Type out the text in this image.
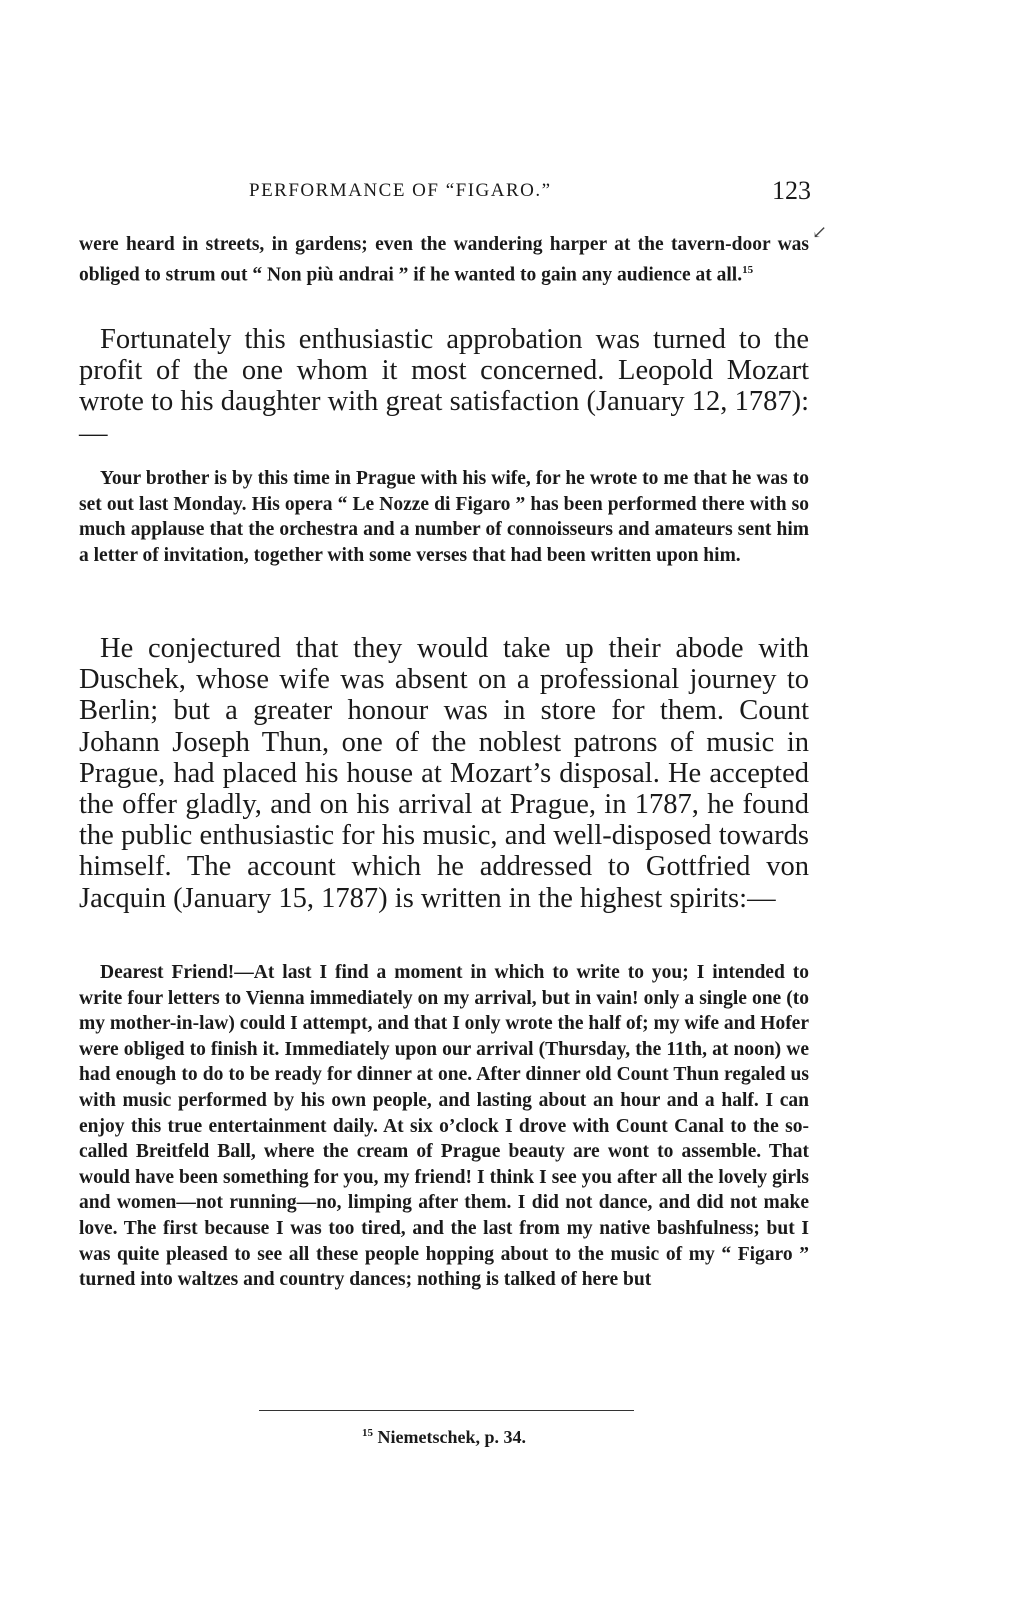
PERFORMANCE OF “FIGARO.”	123

were heard in streets, in gardens; even the wandering harper at the tavern-door was obliged to strum out “ Non più andrai ” if he wanted to gain any audience at all.$^{15}$

Fortunately this enthusiastic approbation was turned to the profit of the one whom it most concerned. Leopold Mozart wrote to his daughter with great satisfaction (January 12, 1787):—

Your brother is by this time in Prague with his wife, for he wrote to me that he was to set out last Monday. His opera “ Le Nozze di Figaro ” has been performed there with so much applause that the orchestra and a number of connoisseurs and amateurs sent him a letter of invitation, together with some verses that had been written upon him.

He conjectured that they would take up their abode with Duschek, whose wife was absent on a professional journey to Berlin; but a greater honour was in store for them. Count Johann Joseph Thun, one of the noblest patrons of music in Prague, had placed his house at Mozart’s disposal. He accepted the offer gladly, and on his arrival at Prague, in 1787, he found the public enthusiastic for his music, and well-disposed towards himself. The account which he addressed to Gottfried von Jacquin (January 15, 1787) is written in the highest spirits:—

Dearest Friend!—At last I find a moment in which to write to you; I intended to write four letters to Vienna immediately on my arrival, but in vain! only a single one (to my mother-in-law) could I attempt, and that I only wrote the half of; my wife and Hofer were obliged to finish it. Immediately upon our arrival (Thursday, the 11th, at noon) we had enough to do to be ready for dinner at one. After dinner old Count Thun regaled us with music performed by his own people, and lasting about an hour and a half. I can enjoy this true entertainment daily. At six o’clock I drove with Count Canal to the so-called Breitfeld Ball, where the cream of Prague beauty are wont to assemble. That would have been something for you, my friend! I think I see you after all the lovely girls and women—not running—no, limping after them. I did not dance, and did not make love. The first because I was too tired, and the last from my native bashfulness; but I was quite pleased to see all these people hopping about to the music of my “ Figaro ” turned into waltzes and country dances; nothing is talked of here but

$^{15}$ Niemetschek, p. 34.
↙
